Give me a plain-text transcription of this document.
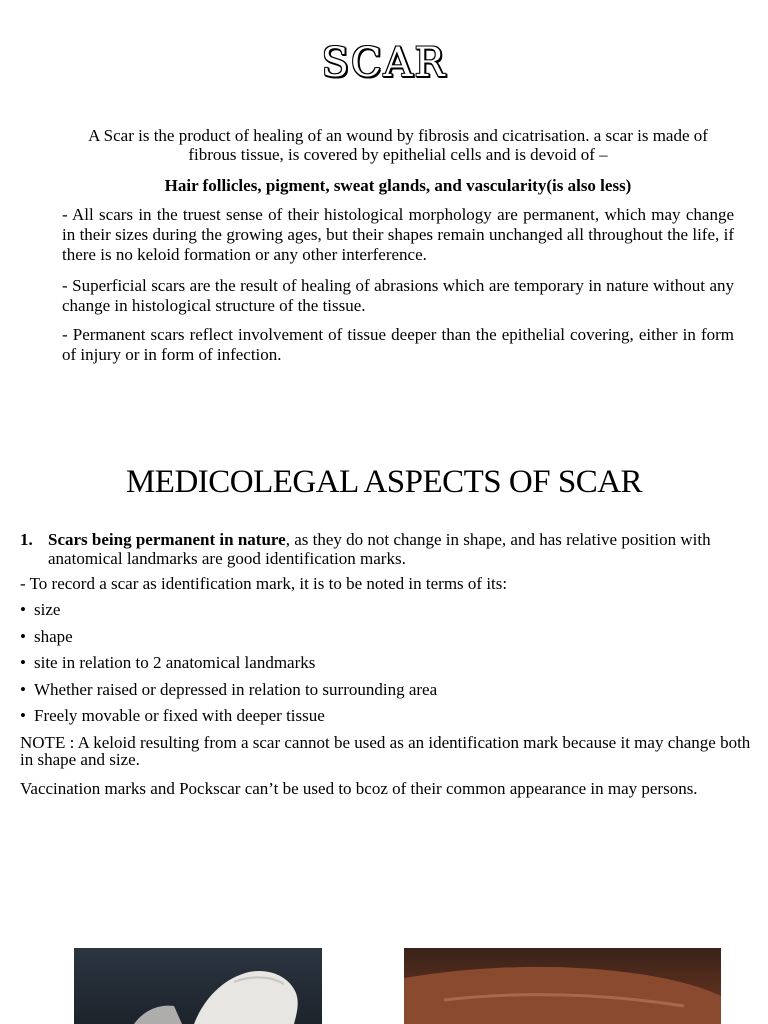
SCAR
A Scar is the product of healing of an wound by fibrosis and cicatrisation. a scar is made of fibrous tissue, is covered by epithelial cells and is devoid of –
Hair follicles, pigment, sweat glands, and vascularity(is also less)
- All scars in the truest sense of their histological morphology are permanent, which may change in their sizes during the growing ages, but their shapes remain unchanged all throughout the life, if there is no keloid formation or any other interference.
- Superficial scars are the result of healing of abrasions which are temporary in nature without any change in histological structure of the tissue.
- Permanent scars reflect involvement of tissue deeper than the epithelial covering, either in form of injury or in form of infection.
MEDICOLEGAL ASPECTS OF SCAR
1. Scars being permanent in nature, as they do not change in shape, and has relative position with anatomical landmarks are good identification marks.
- To record a scar as identification mark, it is to be noted in terms of its:
• size
• shape
• site in relation to 2 anatomical landmarks
• Whether raised or depressed in relation to surrounding area
• Freely movable or fixed with deeper tissue
NOTE : A keloid resulting from a scar cannot be used as an identification mark because it may change both in shape and size.
Vaccination marks and Pockscar can’t be used to bcoz of their common appearance in may persons.
